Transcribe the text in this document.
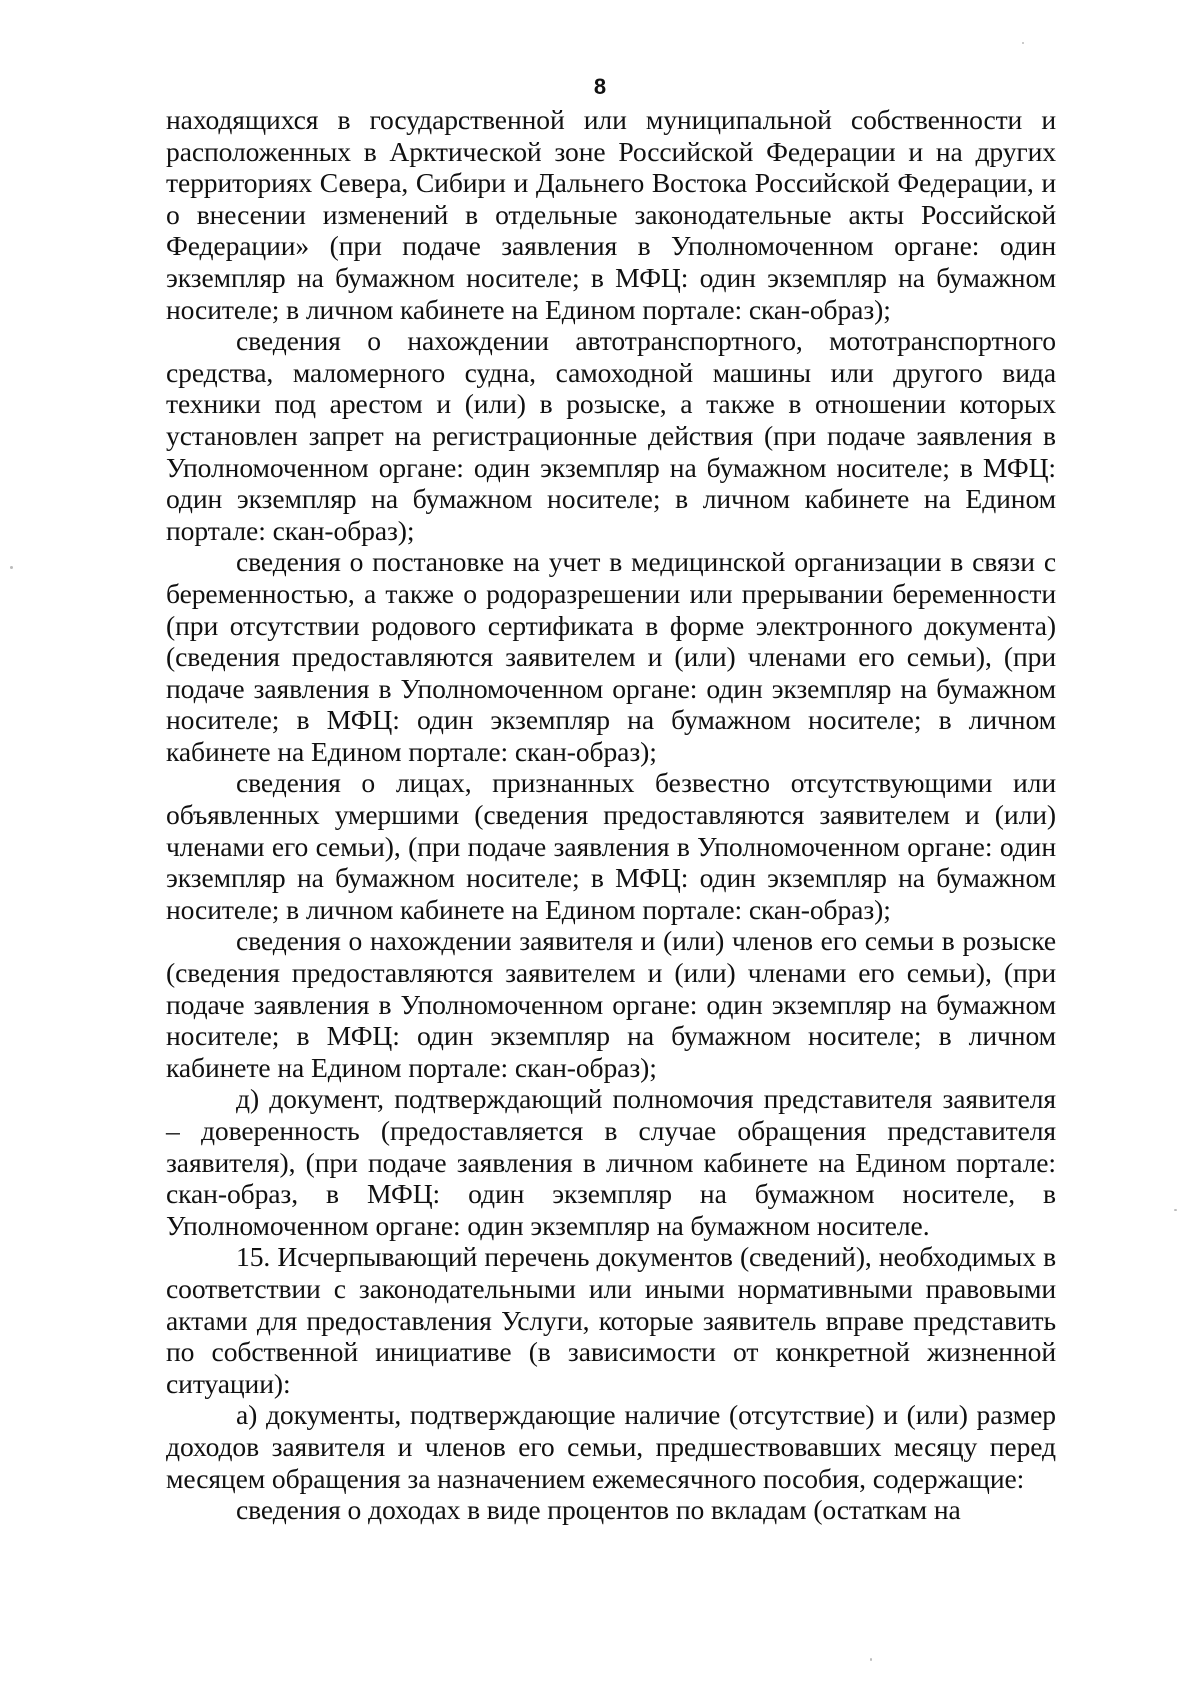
8

находящихся в государственной или муниципальной собственности и расположенных в Арктической зоне Российской Федерации и на других территориях Севера, Сибири и Дальнего Востока Российской Федерации, и о внесении изменений в отдельные законодательные акты Российской Федерации» (при подаче заявления в Уполномоченном органе: один экземпляр на бумажном носителе; в МФЦ: один экземпляр на бумажном носителе; в личном кабинете на Едином портале: скан-образ);

сведения о нахождении автотранспортного, мототранспортного средства, маломерного судна, самоходной машины или другого вида техники под арестом и (или) в розыске, а также в отношении которых установлен запрет на регистрационные действия (при подаче заявления в Уполномоченном органе: один экземпляр на бумажном носителе; в МФЦ: один экземпляр на бумажном носителе; в личном кабинете на Едином портале: скан-образ);

сведения о постановке на учет в медицинской организации в связи с беременностью, а также о родоразрешении или прерывании беременности (при отсутствии родового сертификата в форме электронного документа) (сведения предоставляются заявителем и (или) членами его семьи), (при подаче заявления в Уполномоченном органе: один экземпляр на бумажном носителе; в МФЦ: один экземпляр на бумажном носителе; в личном кабинете на Едином портале: скан-образ);

сведения о лицах, признанных безвестно отсутствующими или объявленных умершими (сведения предоставляются заявителем и (или) членами его семьи), (при подаче заявления в Уполномоченном органе: один экземпляр на бумажном носителе; в МФЦ: один экземпляр на бумажном носителе; в личном кабинете на Едином портале: скан-образ);

сведения о нахождении заявителя и (или) членов его семьи в розыске (сведения предоставляются заявителем и (или) членами его семьи), (при подаче заявления в Уполномоченном органе: один экземпляр на бумажном носителе; в МФЦ: один экземпляр на бумажном носителе; в личном кабинете на Едином портале: скан-образ);

д) документ, подтверждающий полномочия представителя заявителя – доверенность (предоставляется в случае обращения представителя заявителя), (при подаче заявления в личном кабинете на Едином портале: скан-образ, в МФЦ: один экземпляр на бумажном носителе, в Уполномоченном органе: один экземпляр на бумажном носителе.

15. Исчерпывающий перечень документов (сведений), необходимых в соответствии с законодательными или иными нормативными правовыми актами для предоставления Услуги, которые заявитель вправе представить по собственной инициативе (в зависимости от конкретной жизненной ситуации):

а) документы, подтверждающие наличие (отсутствие) и (или) размер доходов заявителя и членов его семьи, предшествовавших месяцу перед месяцем обращения за назначением ежемесячного пособия, содержащие:

сведения о доходах в виде процентов по вкладам (остаткам на
